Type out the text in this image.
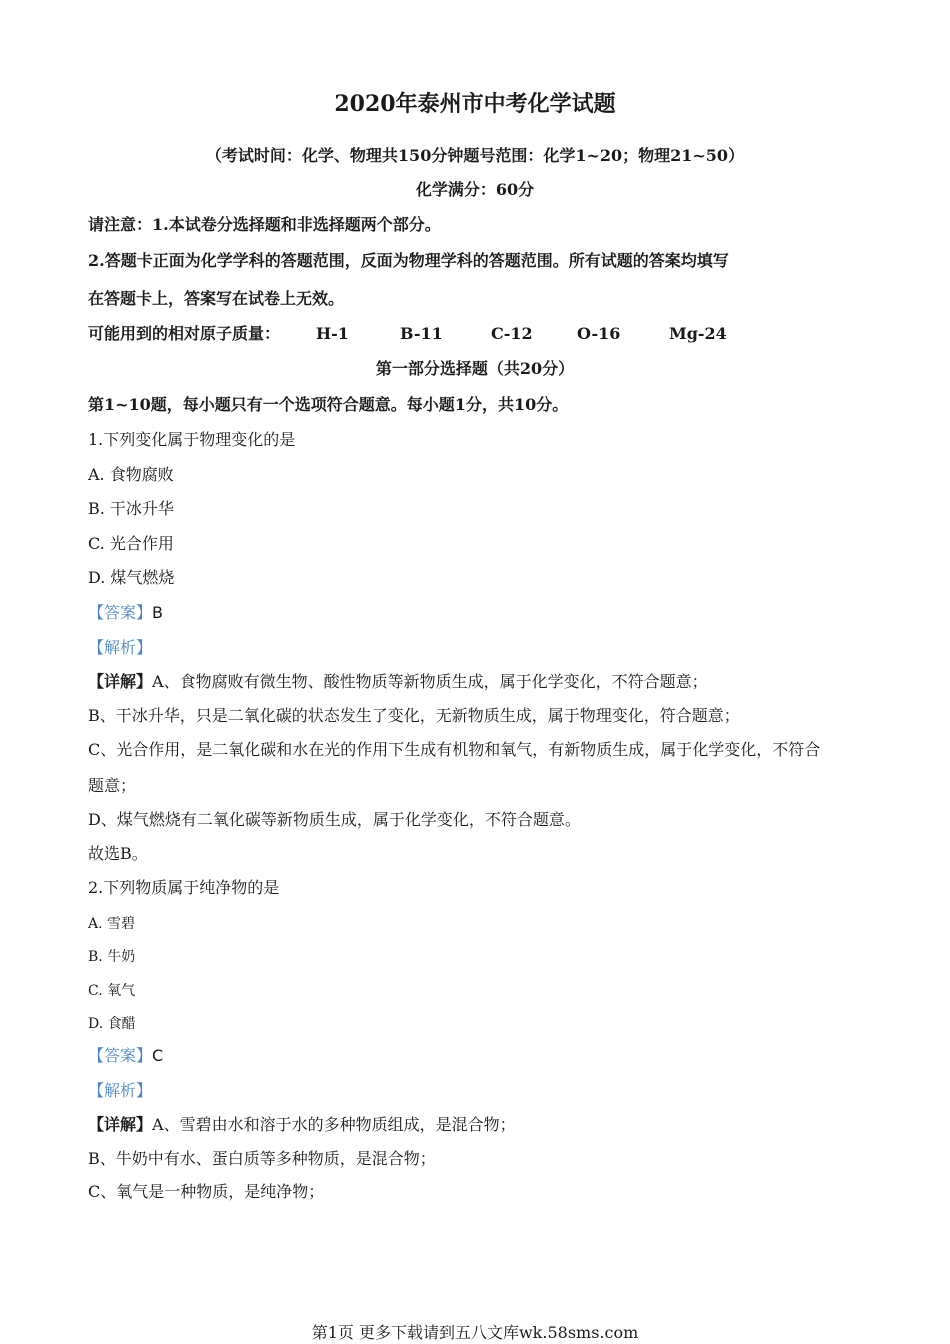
2020年泰州市中考化学试题
（考试时间：化学、物理共150分钟题号范围：化学1~20；物理21~50）
化学满分：60分
请注意：1.本试卷分选择题和非选择题两个部分。
2.答题卡正面为化学学科的答题范围，反面为物理学科的答题范围。所有试题的答案均填写
在答题卡上，答案写在试卷上无效。
可能用到的相对原子质量： H-1	B-11	C-12	O-16	Mg-24
第一部分选择题（共20分）
第1~10题，每小题只有一个选项符合题意。每小题1分，共10分。
1.下列变化属于物理变化的是
A. 食物腐败
B. 干冰升华
C. 光合作用
D. 煤气燃烧
【答案】B
【解析】
【详解】A、食物腐败有微生物、酸性物质等新物质生成，属于化学变化，不符合题意；
B、干冰升华，只是二氧化碳的状态发生了变化，无新物质生成，属于物理变化，符合题意；
C、光合作用，是二氧化碳和水在光的作用下生成有机物和氧气，有新物质生成，属于化学变化，不符合
题意；
D、煤气燃烧有二氧化碳等新物质生成，属于化学变化，不符合题意。
故选B。
2.下列物质属于纯净物的是
A. 雪碧
B. 牛奶
C. 氧气
D. 食醋
【答案】C
【解析】
【详解】A、雪碧由水和溶于水的多种物质组成，是混合物；
B、牛奶中有水、蛋白质等多种物质，是混合物；
C、氧气是一种物质，是纯净物；
第1页 更多下载请到五八文库wk.58sms.com
